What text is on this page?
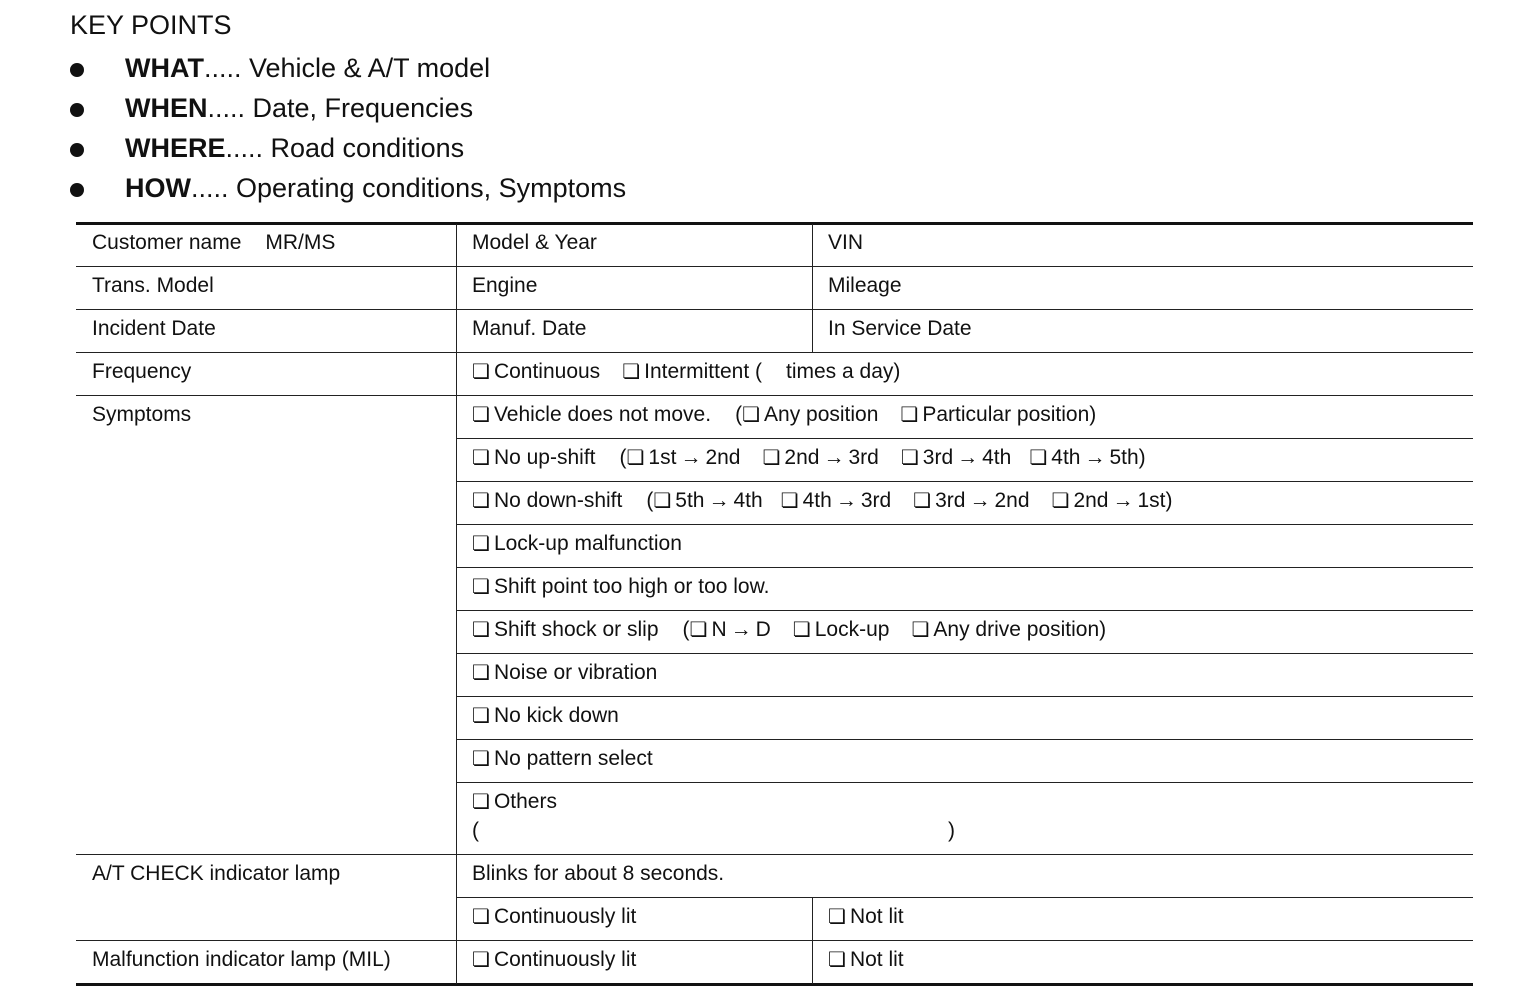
KEY POINTS
WHAT..... Vehicle & A/T model
WHEN..... Date, Frequencies
WHERE..... Road conditions
HOW..... Operating conditions, Symptoms
Customer name MR/MS	Model & Year	VIN
Trans. Model	Engine	Mileage
Incident Date	Manuf. Date	In Service Date
Frequency	❏ Continuous ❏ Intermittent ( times a day)
Symptoms	❏ Vehicle does not move. (❏ Any position ❏ Particular position)
❏ No up-shift (❏ 1st → 2nd ❏ 2nd → 3rd ❏ 3rd → 4th ❏ 4th → 5th)
❏ No down-shift (❏ 5th → 4th ❏ 4th → 3rd ❏ 3rd → 2nd ❏ 2nd → 1st)
❏ Lock-up malfunction
❏ Shift point too high or too low.
❏ Shift shock or slip (❏ N → D ❏ Lock-up ❏ Any drive position)
❏ Noise or vibration
❏ No kick down
❏ No pattern select
❏ Others
(	)
A/T CHECK indicator lamp	Blinks for about 8 seconds.
❏ Continuously lit	❏ Not lit
Malfunction indicator lamp (MIL)	❏ Continuously lit	❏ Not lit
